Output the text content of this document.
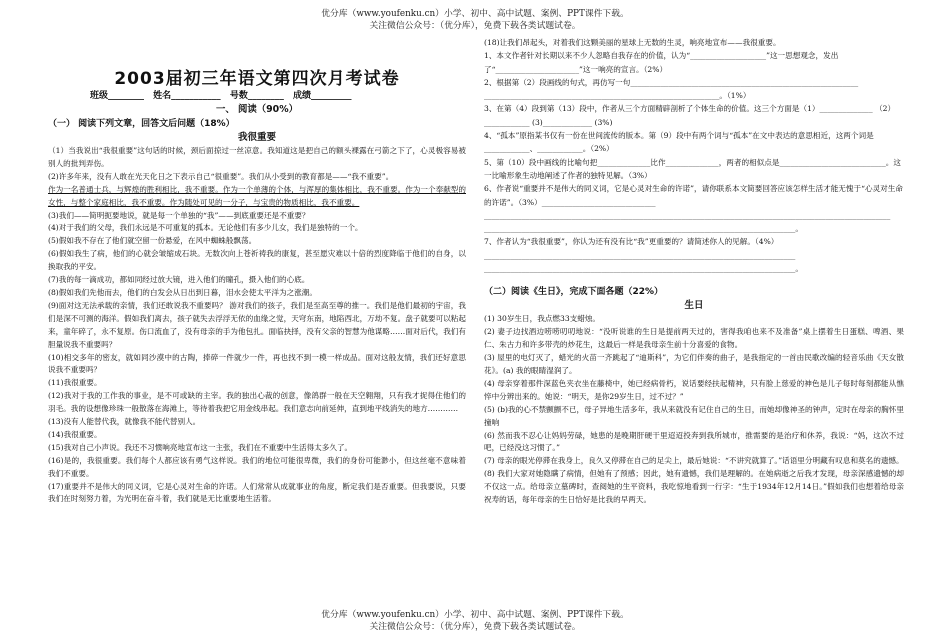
优分库（www.youfenku.cn）小学、初中、高中试题、案例、PPT课件下载。
关注微信公众号：（优分库），免费下载各类试题试卷。
2003届初三年语文第四次月考试卷
班级________ 姓名___________ 号数________ 成绩_________
一、 阅读（90%）
（一） 阅读下列文章，回答文后问题（18%）
我很重要

（1）当我说出“我很重要”这句话的时候，颈后面掠过一丝凉意。我知道这是把自己的额头裸露在弓箭之下了，心灵极容易被别人的批判弄伤。

(2)许多年来，没有人敢在光天化日之下表示自己“很重要”。我们从小受到的教育都是——“我不重要”。

作为一名普通士兵，与辉煌的胜利相比，我不重要。作为一个单薄的个体，与浑厚的集体相比，我不重要。作为一个奉献型的女性，与整个家庭相比，我不重要。作为随处可见的一分子，与宝贵的物质相比，我不重要。

(3)我们——简明扼要地说，就是每一个单独的“我”——到底重要还是不重要？

(4)对于我们的父母，我们永远是不可重复的孤本。无论他们有多少儿女，我们是独特的一个。

(5)假如我不存在了他们就空留一份悬爱，在风中蜘蛛般飘荡。

(6)假如我生了病，他们的心就会皱缩成石块。无数次向上苍祈祷我的康复，甚至愿灾难以十倍的烈度降临于他们的自身，以换取我的平安。

(7)我的每一滴成功，都如同经过放大镜，进入他们的瞳孔，摄入他们的心底。

(8)假如我们先他而去，他们的白发会从日出到日暮，泪水会使太平洋为之涨潮。

(9)面对这无法承载的亲情，我们还敢说我不重要吗？ 游对我们的孩子，我们是至高至尊的推一。我们是他们最初的宇宙，我们是深不可测的海洋。假如我们离去，孩子就失去浮浮无依的血缘之觉，天穹东南，地陷西北，万劫不复。盘子就要可以粘起来，童年碎了，永不复原。伤口流血了，没有母亲的手为他包扎。面临抉择，没有父亲的智慧为他谋略……面对后代，我们有胆量说我不重要吗？

(10)相交多年的密友，就如同沙漠中的古陶，捧碎一件就少一件，再也找不到一模一样成品。面对这般友情，我们还好意思说我不重要吗？

(11)我很重要。

(12)我对于我的工作我的事业，是不可或缺的主宰。我的独出心裁的创意，像鸽群一般在天空翱翔，只有我才捉得住他们的羽毛。我的设想像珍珠一般散落在海滩上，等待着我把它用金线串起。我们意志向前延伸，直到地平线消失的地方…………

(13)没有人能替代我，就像我不能代替别人。

(14)我很重要。

(15)我对自己小声说。我还不习惯响亮地宣布这一主张，我们在不重要中生活得太多久了。

(16)是的，我很重要。我们每个人都应该有勇气这样说。我们的地位可能很卑微，我们的身份可能渺小，但这丝毫不意味着我们不重要。

(17)重要并不是伟大的同义词，它是心灵对生命的许诺。人们常常从成就事业的角度，断定我们是否重要。但我要说，只要我们在时刻努力着，为光明在奋斗着，我们就是无比重要地生活着。

(18)让我们昂起头，对着我们这颗美丽的星球上无数的生灵，响亮地宣布——我很重要。

1、本文作者针对长期以来不少人忽略自我存在的价值，认为“____________________”这一思想观念，发出了“______________________”这一响亮的宣言。（2%）

2、根据第（2）段画线的句式，再仿写一句____________________________________________________________

______________________________________________________________。（1%）

3、在第（4）段到第（13）段中，作者从三个方面精辟剖析了个体生命的价值。这三个方面是（1）______________ （2）____________ (3)_____________ (3%)

4、“孤本”原指某书仅有一份在世间流传的版本。第（9）段中有两个词与“孤本”在文中表达的意思相近，这两个词是____________、____________。（2%）

5、第（10）段中画线的比喻句把______________比作______________，两者的相似点是____________________________。这一比喻形象生动地阐述了作者的独特见解。（3%）

6、作者说“重要并不是伟大的同义词，它是心灵对生命的许诺”，请你联系本文简要回答应该怎样生活才能无愧于“心灵对生命的许诺”。（3%）______________________________

___________________________________________________________________________________________________________

__________________________________________________________________________________。

7、作者认为“我很重要”，你认为还有没有比“我”更重要的？请简述你人的见解。（4%）

__________________________________________________________________________________

__________________________________________________________________________________。

（二）阅读《生日》，完成下面各题（22%）
生日

(1) 30岁生日，我点燃33支蜡烛。

(2) 妻子边找酒边唠唠叨叨地说：“没听说谁的生日是提前两天过的，害得我咱也来不及准备”桌上摆着生日蛋糕、啤酒、果仁、朱古力和许多带壳的炒花生，这最后一样是我母亲生前十分喜爱的食物。

(3) 屋里的电灯灭了，蜡光的火苗一齐跳起了“迪斯科”，为它们伴奏的曲子，是我指定的一首由民歌改编的轻音乐曲《天女散花》。(a) 我的眼睛湿润了。

(4) 母亲穿着那件深蓝色夹衣坐在藤椅中，她已经病骨朽，说话要经扶起精神，只有脸上慈爱的神色是儿子每时每刻都能从憔悴中分辨出来的。她说：“明天，是你29岁生日，过不过？”

(5) (b)我的心不禁颤颤不已，母子异地生活多年，我从来就没有记住自己的生日，而她却像神圣的钟声，定时在母亲的胸怀里撞响

(6) 然而我不忍心让妈妈劳碌，她患的是晚期肝硬干里迢迢投奔到我所城市，推需要的是治疗和休养，我说：“妈，这次不过吧，已经没这习惯了。”

(7) 母亲的眼光停滞在我身上，良久又停滞在自己的足尖上，最后她说：“不讲究就算了。”话语里分明藏有叹息和莫名的遗憾。

(8) 我们大家对她隐瞒了病情，但她有了预感；因此，她有遗憾，我们是理解的。在她病逝之后我才发现，母亲深感遗憾的却不仅这一点。给母亲立墓碑时，查阅她的生平资料，我吃惊地看到一行字：“生于1934年12月14日。”假如我们也想着给母亲祝寿的话，每年母亲的生日恰好是比我的早两天。

优分库（www.youfenku.cn）小学、初中、高中试题、案例、PPT课件下载。
关注微信公众号：（优分库），免费下载各类试题试卷。
